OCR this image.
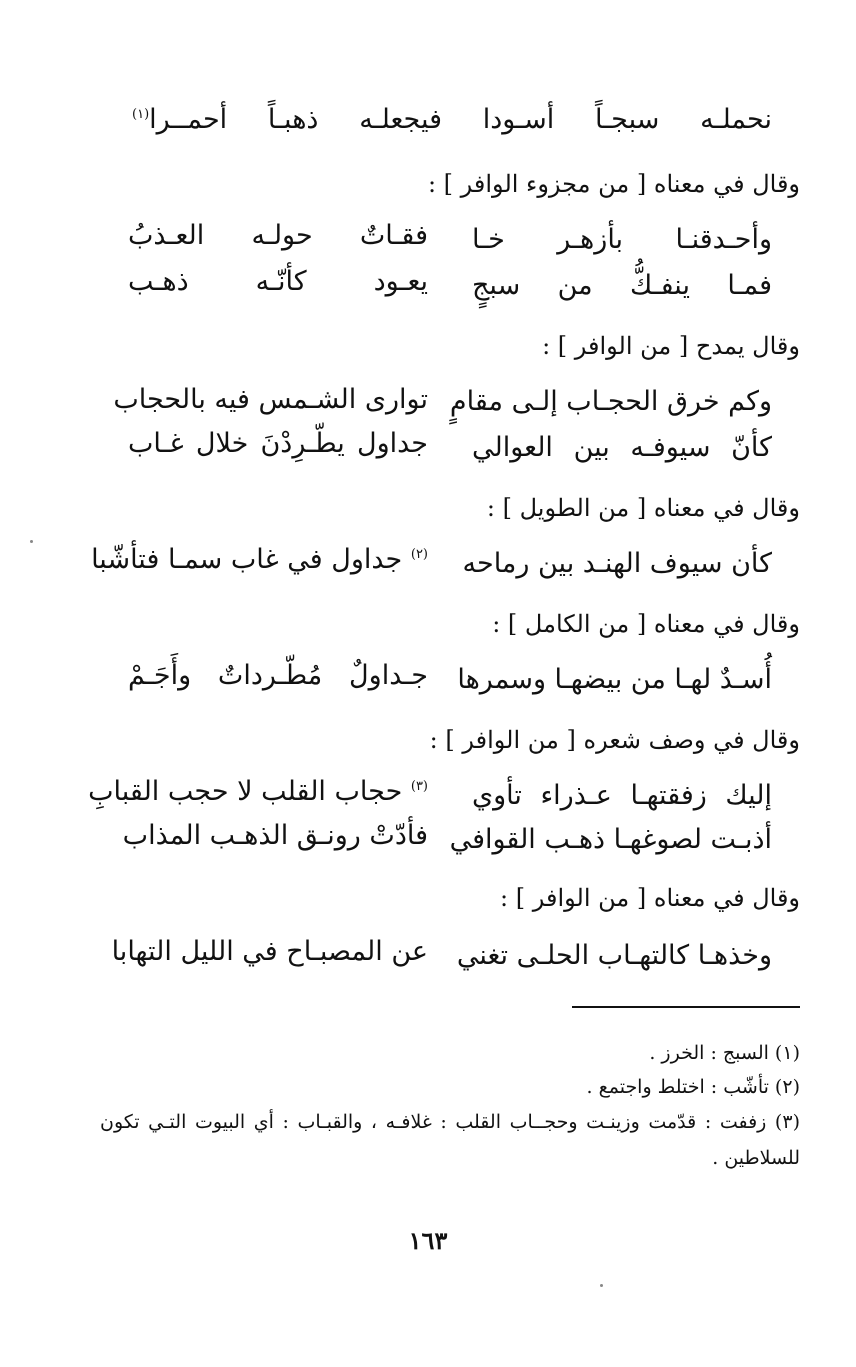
نحملـه سبجـاً أسـودا فيجعلـه ذهبـاً أحمــرا$^{(١)}$
وقال في معناه [ من مجزوء الوافر ] :
وأحـدقنـا بأزهـر خـا
فقـاتٌ حولـه العـذبُ
فمـا ينفـكُّ من سبجٍ
يعـود كأنّـه ذهـب
وقال يمدح [ من الوافر ] :
وكم خرق الحجـاب إلـى مقامٍ
توارى الشـمس فيه بالحجاب
كأنّ سيوفـه بين العوالي
جداول يطّـرِدْنَ خلال غـاب
وقال في معناه [ من الطويل ] :
كأن سيوف الهنـد بين رماحه
$^{(٢)}$ جداول في غاب سمـا فتأشّبا
وقال في معناه [ من الكامل ] :
أُسـدٌ لهـا من بيضهـا وسمرها
جـداولٌ مُطّـرداتٌ وأَجَـمْ
وقال في وصف شعره [ من الوافر ] :
إليك زفقتهـا عـذراء تأوي
$^{(٣)}$ حجاب القلب لا حجب القبابِ
أذبـت لصوغهـا ذهـب القوافي
فأدّتْ رونـق الذهـب المذاب
وقال في معناه [ من الوافر ] :
وخذهـا كالتهـاب الحلـى تغني
عن المصبـاح في الليل التهابا
(١) السبج : الخرز .
(٢) تأشّب : اختلط واجتمع .
(٣) زففت : قدّمت وزينـت وحجــاب القلب : غلافـه ، والقبـاب : أي البيوت التـي تكون للسلاطين .
١٦٣
